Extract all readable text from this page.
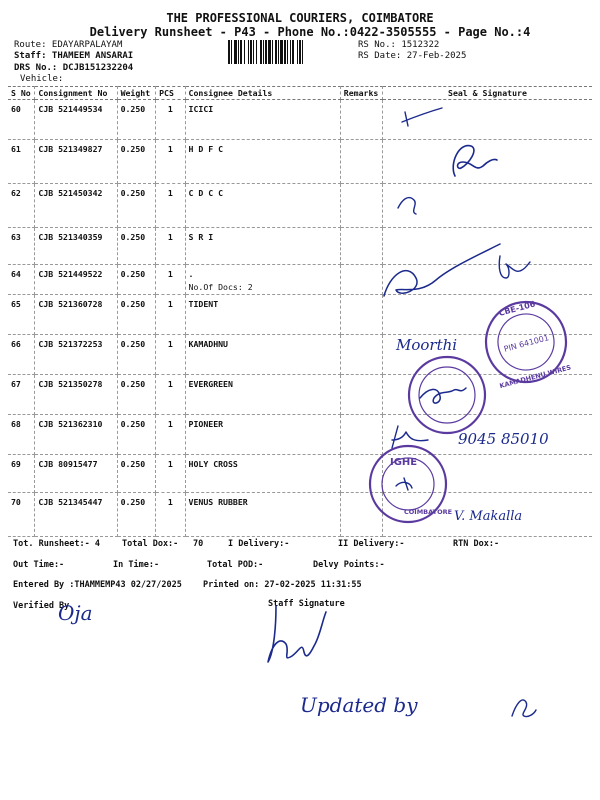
THE PROFESSIONAL COURIERS, COIMBATORE
Delivery Runsheet - P43 - Phone No.:0422-3505555 - Page No.:4
Route: EDAYARPALAYAM
Staff: THAMEEM ANSARAI
DRS No.: DCJB151232204
Vehicle:
RS No.: 1512322
RS Date: 27-Feb-2025
S No	Consignment No	Weight	PCS	Consignee Details	Remarks	Seal & Signature
60	CJB 521449534	0.250	1	ICICI		
61	CJB 521349827	0.250	1	H D F C		
62	CJB 521450342	0.250	1	C D C C		
63	CJB 521340359	0.250	1	S R I		
64	CJB 521449522	0.250	1	.
No.Of Docs: 2		

65	CJB 521360728	0.250	1	TIDENT		
66	CJB 521372253	0.250	1	KAMADHNU		
67	CJB 521350278	0.250	1	EVERGREEN		
68	CJB 521362310	0.250	1	PIONEER		
69	CJB 80915477	0.250	1	HOLY CROSS		
70	CJB 521345447	0.250	1	VENUS RUBBER		
Tot. Runsheet:- 4	Total Dox:- 70	I Delivery:-	II Delivery:-	RTN Dox:-
Out Time:-	In Time:-	Total POD:-	Delvy Points:-
Entered By :THAMMEMP43 02/27/2025 Printed on: 27-02-2025 11:31:55
Verified By	Staff Signature
Moorthi
CBE-106
PIN 641001
KAMADHENU WIRES
9045 85010
IGHE
COIMBATORE V. Makalla
Oja
Updated by
